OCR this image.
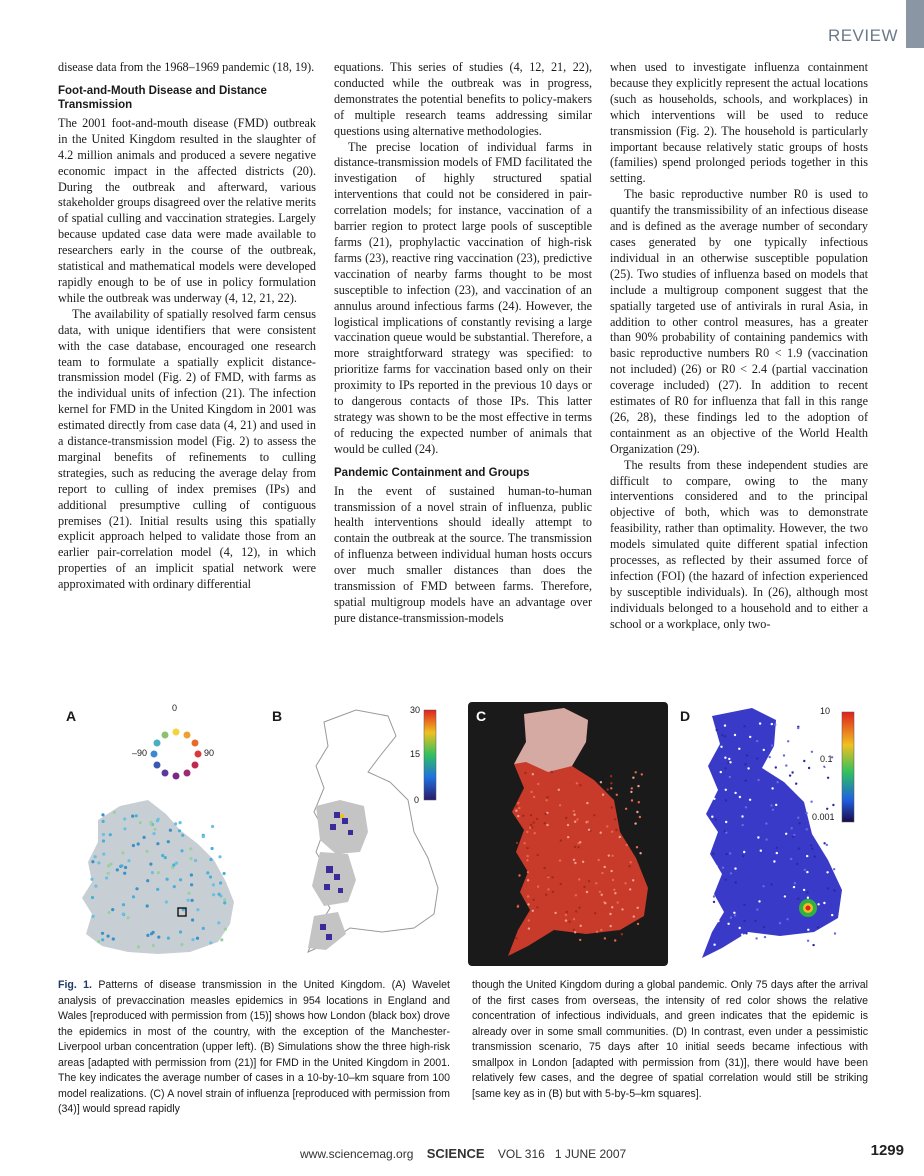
REVIEW

disease data from the 1968–1969 pandemic (18, 19).

Foot-and-Mouth Disease and Distance Transmission

The 2001 foot-and-mouth disease (FMD) outbreak in the United Kingdom resulted in the slaughter of 4.2 million animals and produced a severe negative economic impact in the affected districts (20). During the outbreak and afterward, various stakeholder groups disagreed over the relative merits of spatial culling and vaccination strategies. Largely because updated case data were made available to researchers early in the course of the outbreak, statistical and mathematical models were developed rapidly enough to be of use in policy formulation while the outbreak was underway (4, 12, 21, 22).

The availability of spatially resolved farm census data, with unique identifiers that were consistent with the case database, encouraged one research team to formulate a spatially explicit distance-transmission model (Fig. 2) of FMD, with farms as the individual units of infection (21). The infection kernel for FMD in the United Kingdom in 2001 was estimated directly from case data (4, 21) and used in a distance-transmission model (Fig. 2) to assess the marginal benefits of refinements to culling strategies, such as reducing the average delay from report to culling of index premises (IPs) and additional presumptive culling of contiguous premises (21). Initial results using this spatially explicit approach helped to validate those from an earlier pair-correlation model (4, 12), in which properties of an implicit spatial network were approximated with ordinary differential

equations. This series of studies (4, 12, 21, 22), conducted while the outbreak was in progress, demonstrates the potential benefits to policy-makers of multiple research teams addressing similar questions using alternative methodologies.

The precise location of individual farms in distance-transmission models of FMD facilitated the investigation of highly structured spatial interventions that could not be considered in pair-correlation models; for instance, vaccination of a barrier region to protect large pools of susceptible farms (21), prophylactic vaccination of high-risk farms (23), reactive ring vaccination (23), predictive vaccination of nearby farms thought to be most susceptible to infection (23), and vaccination of an annulus around infectious farms (24). However, the logistical implications of constantly revising a large vaccination queue would be substantial. Therefore, a more straightforward strategy was specified: to prioritize farms for vaccination based only on their proximity to IPs reported in the previous 10 days or to dangerous contacts of those IPs. This latter strategy was shown to be the most effective in terms of reducing the expected number of animals that would be culled (24).

Pandemic Containment and Groups

In the event of sustained human-to-human transmission of a novel strain of influenza, public health interventions should ideally attempt to contain the outbreak at the source. The transmission of influenza between individual human hosts occurs over much smaller distances than does the transmission of FMD between farms. Therefore, spatial multigroup models have an advantage over pure distance-transmission-models

when used to investigate influenza containment because they explicitly represent the actual locations (such as households, schools, and workplaces) in which interventions will be used to reduce transmission (Fig. 2). The household is particularly important because relatively static groups of hosts (families) spend prolonged periods together in this setting.

The basic reproductive number R0 is used to quantify the transmissibility of an infectious disease and is defined as the average number of secondary cases generated by one typically infectious individual in an otherwise susceptible population (25). Two studies of influenza based on models that include a multigroup component suggest that the spatially targeted use of antivirals in rural Asia, in addition to other control measures, has a greater than 90% probability of containing pandemics with basic reproductive numbers R0 < 1.9 (vaccination not included) (26) or R0 < 2.4 (partial vaccination coverage included) (27). In addition to recent estimates of R0 for influenza that fall in this range (26, 28), these findings led to the adoption of containment as an objective of the World Health Organization (29).

The results from these independent studies are difficult to compare, owing to the many interventions considered and to the principal objective of both, which was to demonstrate feasibility, rather than optimality. However, the two models simulated quite different spatial infection processes, as reflected by their assumed force of infection (FOI) (the hazard of infection experienced by susceptible individuals). In (26), although most individuals belonged to a household and to either a school or a workplace, only two-

A	0
–90	90
B	30
15
0
C	D	10
0.1
0.001

Fig. 1. Patterns of disease transmission in the United Kingdom. (A) Wavelet analysis of prevaccination measles epidemics in 954 locations in England and Wales [reproduced with permission from (15)] shows how London (black box) drove the epidemics in most of the country, with the exception of the Manchester-Liverpool urban concentration (upper left). (B) Simulations show the three high-risk areas [adapted with permission from (21)] for FMD in the United Kingdom in 2001. The key indicates the average number of cases in a 10-by-10–km square from 100 model realizations. (C) A novel strain of influenza [reproduced with permission from (34)] would spread rapidly

though the United Kingdom during a global pandemic. Only 75 days after the arrival of the first cases from overseas, the intensity of red color shows the relative concentration of infectious individuals, and green indicates that the epidemic is already over in some small communities. (D) In contrast, even under a pessimistic transmission scenario, 75 days after 10 initial seeds became infectious with smallpox in London [adapted with permission from (31)], there would have been relatively few cases, and the degree of spatial correlation would still be striking [same key as in (B) but with 5-by-5–km squares].

www.sciencemag.org SCIENCE VOL 316 1 JUNE 2007	1299
